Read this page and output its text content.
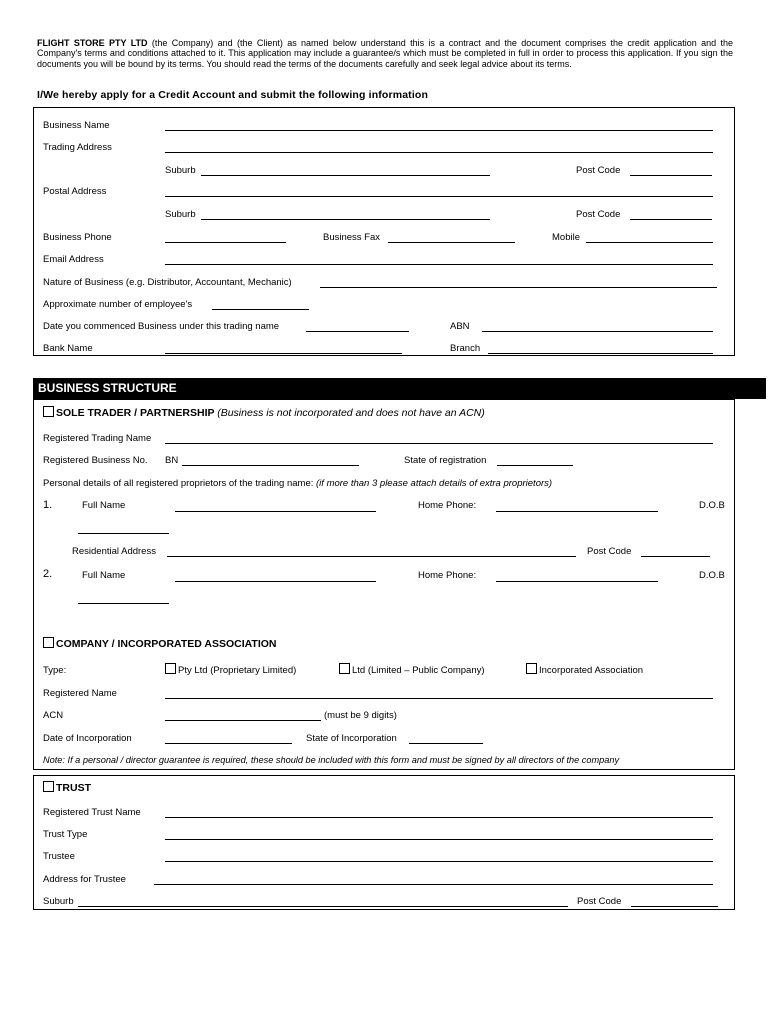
FLIGHT STORE PTY LTD (the Company) and (the Client) as named below understand this is a contract and the document comprises the credit application and the Company's terms and conditions attached to it. This application may include a guarantee/s which must be completed in full in order to process this application. If you sign the documents you will be bound by its terms. You should read the terms of the documents carefully and seek legal advice about its terms.
I/We hereby apply for a Credit Account and submit the following information
Business Name
Trading Address
Suburb	Post Code
Postal Address
Suburb	Post Code
Business Phone	Business Fax	Mobile
Email Address
Nature of Business (e.g. Distributor, Accountant, Mechanic)
Approximate number of employee's
Date you commenced Business under this trading name	ABN
Bank Name	Branch
BUSINESS STRUCTURE
SOLE TRADER / PARTNERSHIP (Business is not incorporated and does not have an ACN)
Registered Trading Name
Registered Business No. BN	State of registration
Personal details of all registered proprietors of the trading name: (if more than 3 please attach details of extra proprietors)
1.	Full Name	Home Phone:	D.O.B
Residential Address	Post Code
2.	Full Name	Home Phone:	D.O.B
COMPANY / INCORPORATED ASSOCIATION
Type:	Pty Ltd (Proprietary Limited)	Ltd (Limited – Public Company)	Incorporated Association
Registered Name
ACN	(must be 9 digits)
Date of Incorporation	State of Incorporation
Note: If a personal / director guarantee is required, these should be included with this form and must be signed by all directors of the company
TRUST
Registered Trust Name
Trust Type
Trustee
Address for Trustee
Suburb	Post Code
